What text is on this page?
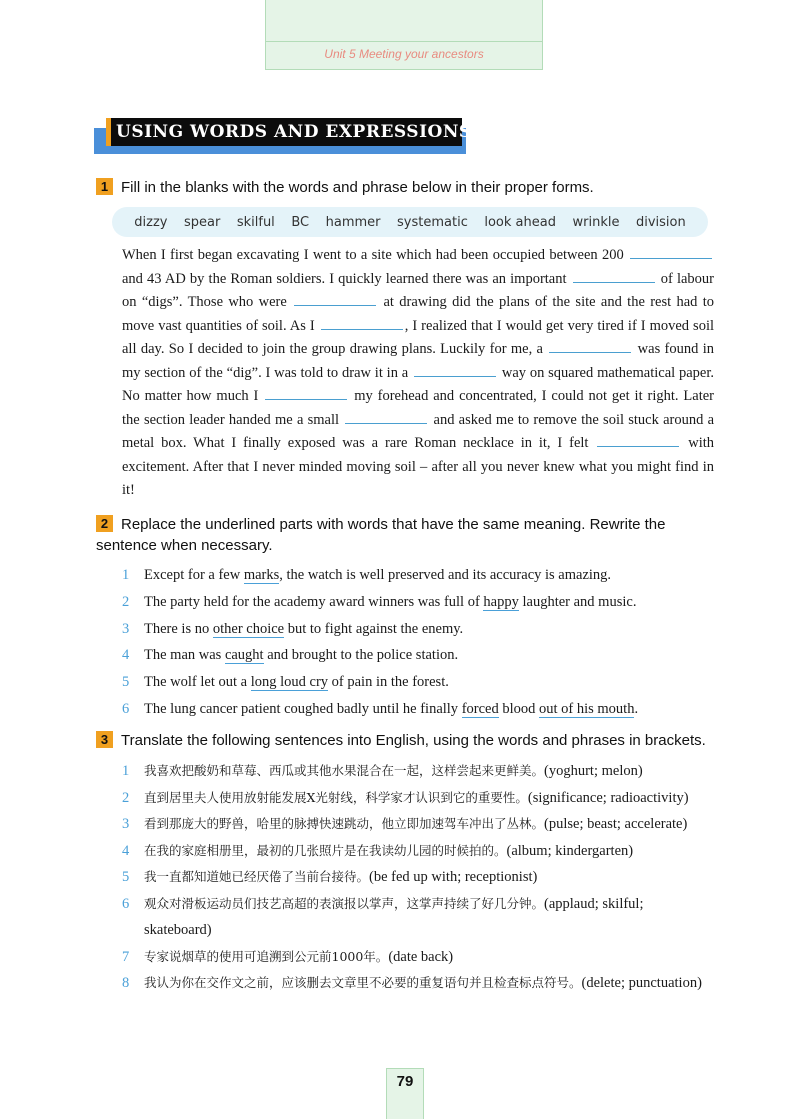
Unit 5 Meeting your ancestors
USING WORDS AND EXPRESSIONS
1 Fill in the blanks with the words and phrase below in their proper forms.
dizzy spear skilful BC hammer systematic look ahead wrinkle division

When I first began excavating I went to a site which had been occupied between 200  and 43 AD by the Roman soldiers. I quickly learned there was an important	of labour on “digs”. Those who were	at drawing did the plans of the site and the rest had to move vast quantities of soil. As I	, I realized that I would get very tired if I moved soil all day. So I decided to join the group drawing plans. Luckily for me, a	was found in my section of the “dig”. I was told to draw it in a	way on squared mathematical paper. No matter how much I	my forehead and concentrated, I could not get it right. Later the section leader handed me a small	and asked me to remove the soil stuck around a metal box. What I finally exposed was a rare Roman necklace in it, I felt	with excitement. After that I never minded moving soil – after all you never knew what you might find in it!

2 Replace the underlined parts with words that have the same meaning. Rewrite the sentence when necessary.
1 Except for a few marks, the watch is well preserved and its accuracy is amazing.
2 The party held for the academy award winners was full of happy laughter and music.
3 There is no other choice but to fight against the enemy.
4 The man was caught and brought to the police station.
5 The wolf let out a long loud cry of pain in the forest.
6 The lung cancer patient coughed badly until he finally forced blood out of his mouth.
3 Translate the following sentences into English, using the words and phrases in brackets.
1 我喜欢把酸奶和草莓、西瓜或其他水果混合在一起，这样尝起来更鲜美。(yoghurt; melon)
2 直到居里夫人使用放射能发展X光射线，科学家才认识到它的重要性。(significance; radioactivity)
3 看到那庞大的野兽，哈里的脉搏快速跳动，他立即加速驾车冲出了丛林。(pulse; beast; accelerate)
4 在我的家庭相册里，最初的几张照片是在我读幼儿园的时候拍的。(album; kindergarten)
5 我一直都知道她已经厌倦了当前台接待。(be fed up with; receptionist)
6 观众对滑板运动员们技艺高超的表演报以掌声，这掌声持续了好几分钟。(applaud; skilful; skateboard)
7 专家说烟草的使用可追溯到公元前1000年。(date back)
8 我认为你在交作文之前，应该删去文章里不必要的重复语句并且检查标点符号。(delete; punctuation)
79
